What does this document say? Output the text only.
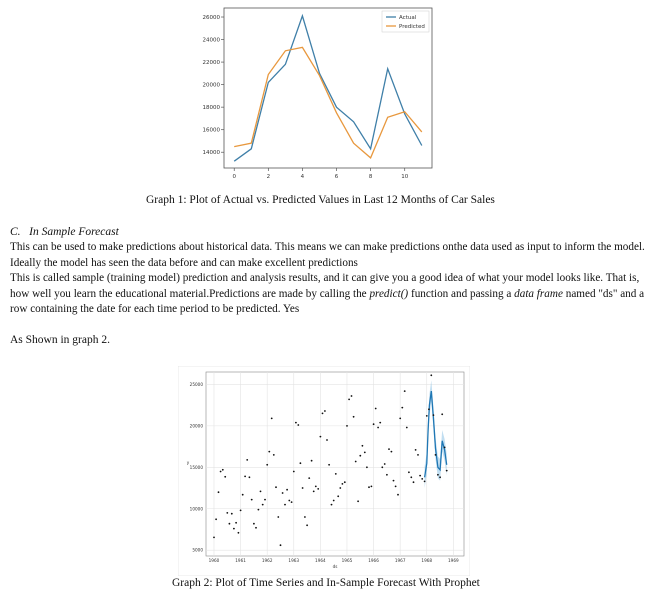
0	2	4	6	8	10
14000
16000
18000
20000
22000
24000
26000	Actual
Predicted
Graph 1: Plot of Actual vs. Predicted Values in Last 12 Months of Car Sales
C. In Sample Forecast

This can be used to make predictions about historical data. This means we can make predictions onthe data used as input to inform the model. Ideally the model has seen the data before and can make excellent predictions

This is called sample (training model) prediction and analysis results, and it can give you a good idea of what your model looks like. That is, how well you learn the educational material.Predictions are made by calling the predict() function and passing a data frame named "ds" and a row containing the date for each time period to be predicted. Yes

As Shown in graph 2.
5000
10000
15000
20000
25000
1960	1961	1962	1963	1964	1965	1966	1967	1968	1969
ds
y
Graph 2: Plot of Time Series and In-Sample Forecast With Prophet
